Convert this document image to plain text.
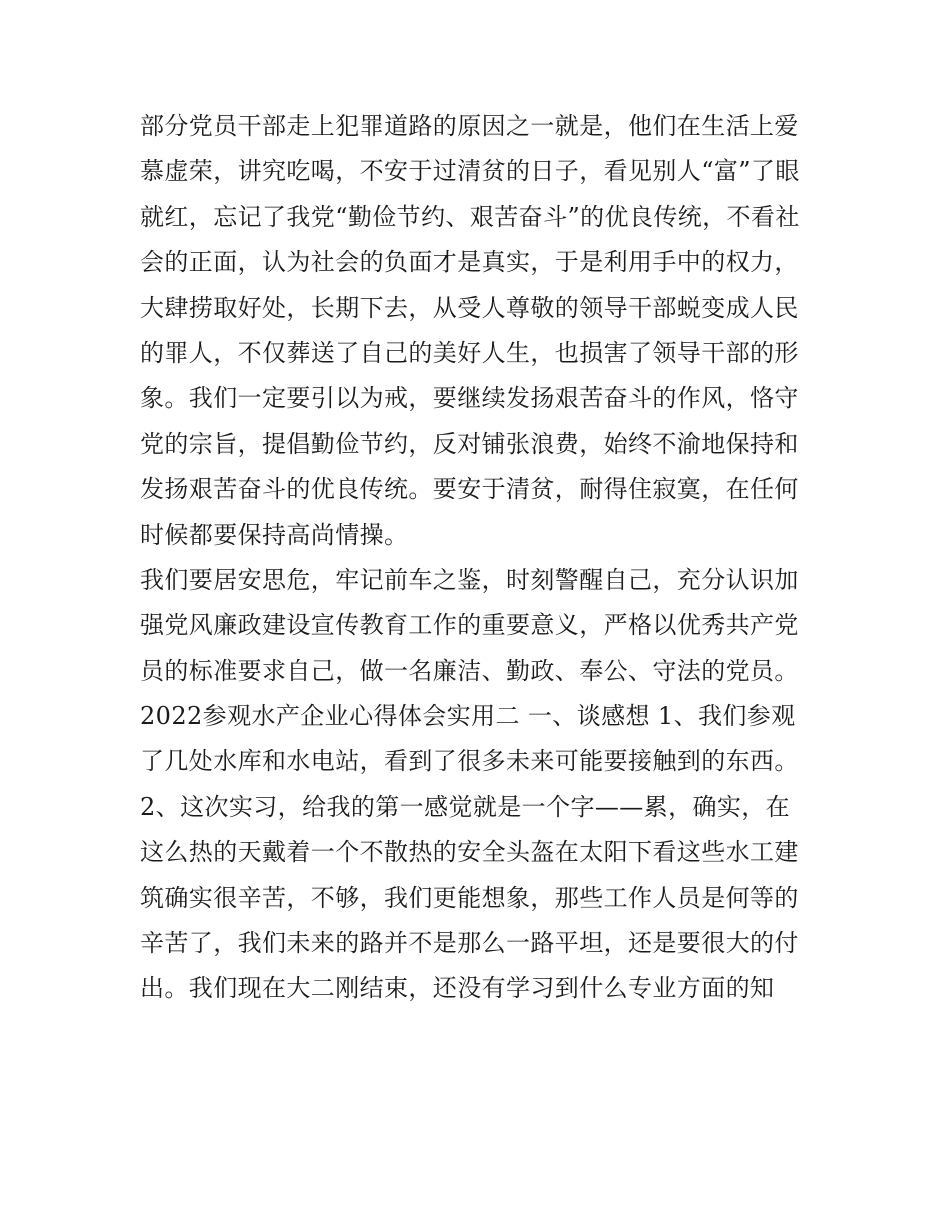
部分党员干部走上犯罪道路的原因之一就是，他们在生活上爱
慕虚荣，讲究吃喝，不安于过清贫的日子，看见别人“富”了眼
就红，忘记了我党“勤俭节约、艰苦奋斗”的优良传统，不看社
会的正面，认为社会的负面才是真实，于是利用手中的权力，
大肆捞取好处，长期下去，从受人尊敬的领导干部蜕变成人民
的罪人，不仅葬送了自己的美好人生，也损害了领导干部的形
象。我们一定要引以为戒，要继续发扬艰苦奋斗的作风，恪守
党的宗旨，提倡勤俭节约，反对铺张浪费，始终不渝地保持和
发扬艰苦奋斗的优良传统。要安于清贫，耐得住寂寞，在任何
时候都要保持高尚情操。
我们要居安思危，牢记前车之鉴，时刻警醒自己，充分认识加
强党风廉政建设宣传教育工作的重要意义，严格以优秀共产党
员的标准要求自己，做一名廉洁、勤政、奉公、守法的党员。
2022参观水产企业心得体会实用二 一、谈感想 1、我们参观
了几处水库和水电站，看到了很多未来可能要接触到的东西。
2、这次实习，给我的第一感觉就是一个字——累，确实，在
这么热的天戴着一个不散热的安全头盔在太阳下看这些水工建
筑确实很辛苦，不够，我们更能想象，那些工作人员是何等的
辛苦了，我们未来的路并不是那么一路平坦，还是要很大的付
出。我们现在大二刚结束，还没有学习到什么专业方面的知
